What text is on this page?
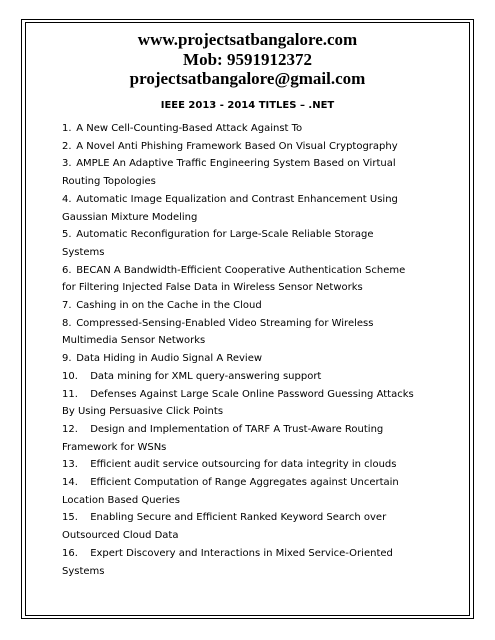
www.projectsatbangalore.com
Mob: 9591912372
projectsatbangalore@gmail.com
IEEE 2013 - 2014 TITLES – .NET
1. A New Cell-Counting-Based Attack Against To
2. A Novel Anti Phishing Framework Based On Visual Cryptography
3. AMPLE An Adaptive Traffic Engineering System Based on Virtual
Routing Topologies
4. Automatic Image Equalization and Contrast Enhancement Using
Gaussian Mixture Modeling
5. Automatic Reconfiguration for Large-Scale Reliable Storage
Systems
6. BECAN A Bandwidth-Efficient Cooperative Authentication Scheme
for Filtering Injected False Data in Wireless Sensor Networks
7. Cashing in on the Cache in the Cloud
8. Compressed-Sensing-Enabled Video Streaming for Wireless
Multimedia Sensor Networks
9. Data Hiding in Audio Signal A Review
10. Data mining for XML query-answering support
11. Defenses Against Large Scale Online Password Guessing Attacks
By Using Persuasive Click Points
12. Design and Implementation of TARF A Trust-Aware Routing
Framework for WSNs
13. Efficient audit service outsourcing for data integrity in clouds
14. Efficient Computation of Range Aggregates against Uncertain
Location Based Queries
15. Enabling Secure and Efficient Ranked Keyword Search over
Outsourced Cloud Data
16. Expert Discovery and Interactions in Mixed Service-Oriented
Systems
